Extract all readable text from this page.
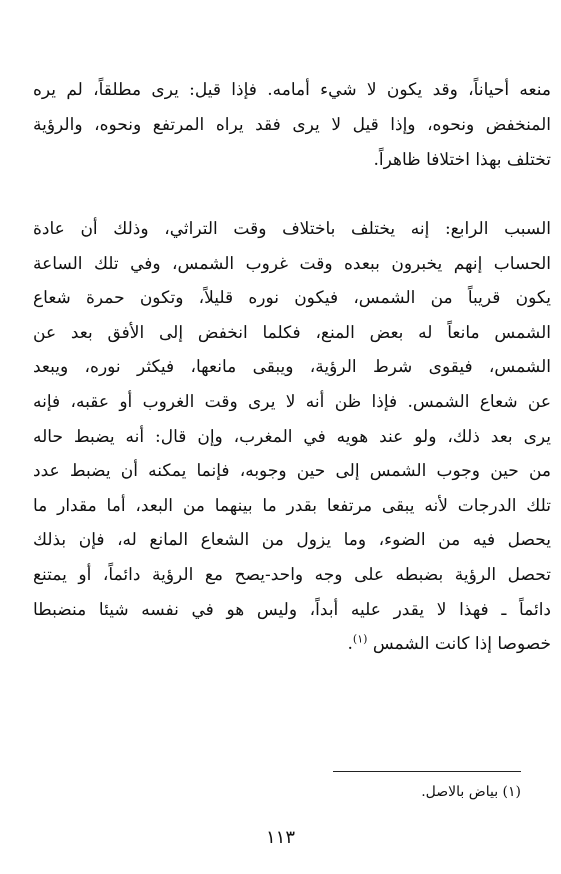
منعه أحياناً، وقد يكون لا شيء أمامه. فإذا قيل: يرى مطلقاً، لم يره
المنخفض ونحوه، وإذا قيل لا يرى فقد يراه المرتفع ونحوه، والرؤية
تختلف بهذا اختلافا ظاهراً.
السبب الرابع: إنه يختلف باختلاف وقت التراثي، وذلك أن عادة
الحساب إنهم يخبرون ببعده وقت غروب الشمس، وفي تلك الساعة
يكون قريباً من الشمس، فيكون نوره قليلاً، وتكون حمرة شعاع
الشمس مانعاً له بعض المنع، فكلما انخفض إلى الأفق بعد عن
الشمس، فيقوى شرط الرؤية، ويبقى مانعها، فيكثر نوره، ويبعد
عن شعاع الشمس. فإذا ظن أنه لا يرى وقت الغروب أو عقبه، فإنه
يرى بعد ذلك، ولو عند هويه في المغرب، وإن قال: أنه يضبط حاله
من حين وجوب الشمس إلى حين وجوبه، فإنما يمكنه أن يضبط عدد
تلك الدرجات لأنه يبقى مرتفعا بقدر ما بينهما من البعد، أما مقدار ما
يحصل فيه من الضوء، وما يزول من الشعاع المانع له، فإن بذلك
تحصل الرؤية بضبطه على وجه واحد-يصح مع الرؤية دائماً، أو يمتنع
دائماً ـ فهذا لا يقدر عليه أبداً، وليس هو في نفسه شيئا منضبطا
خصوصا إذا كانت الشمس $^{(١)}$.
(١) بياض بالاصل.
١١٣
